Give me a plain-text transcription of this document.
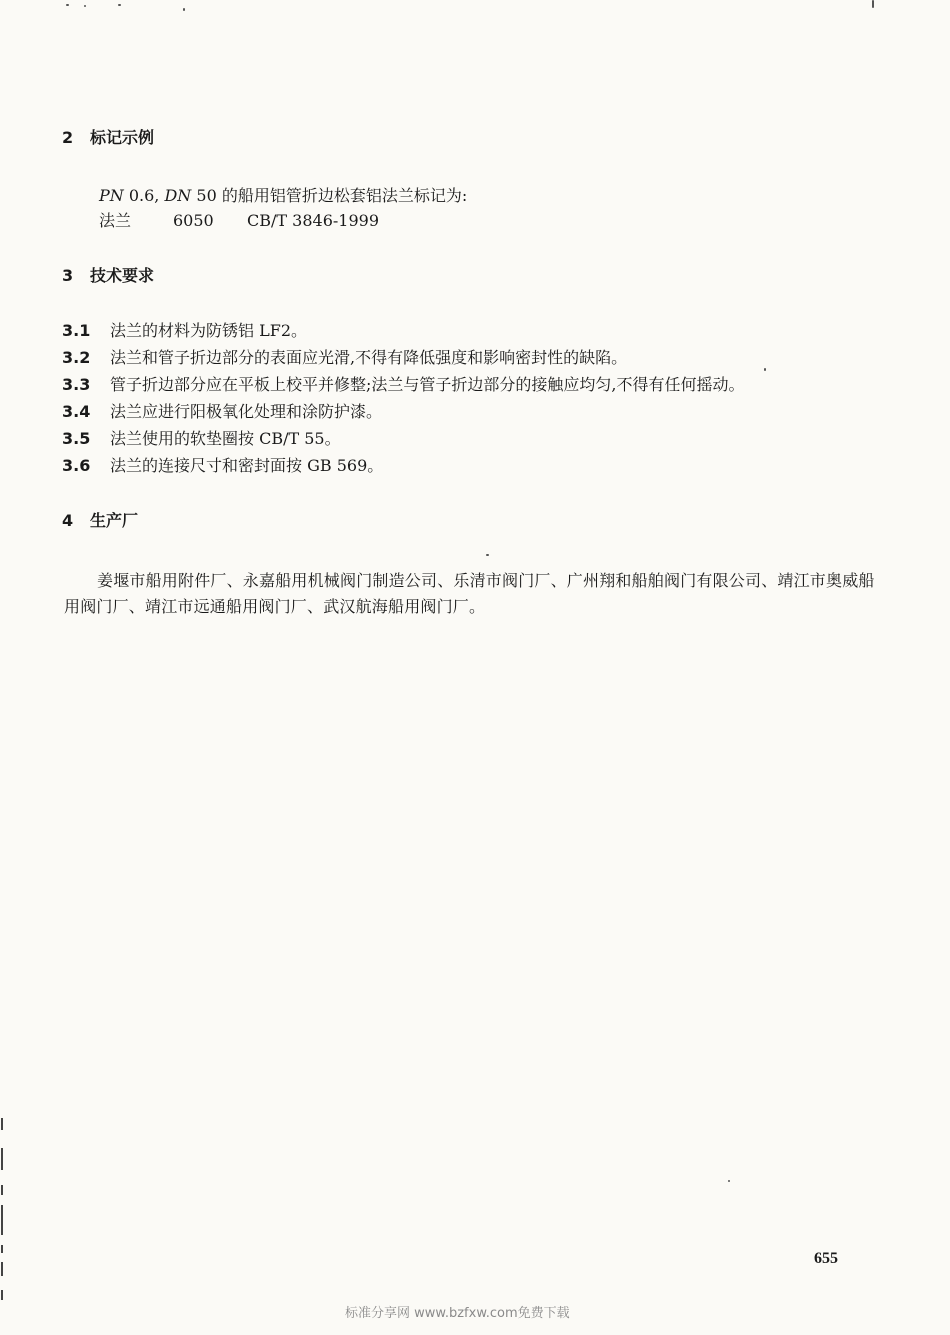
2 标记示例
PN 0.6, DN 50 的船用铝管折边松套铝法兰标记为:
法兰	6050 CB/T 3846-1999
3 技术要求
3.1 法兰的材料为防锈铝 LF2。
3.2 法兰和管子折边部分的表面应光滑,不得有降低强度和影响密封性的缺陷。
3.3 管子折边部分应在平板上校平并修整;法兰与管子折边部分的接触应均匀,不得有任何摇动。
3.4 法兰应进行阳极氧化处理和涂防护漆。
3.5 法兰使用的软垫圈按 CB/T 55。
3.6 法兰的连接尺寸和密封面按 GB 569。
4 生产厂
姜堰市船用附件厂、永嘉船用机械阀门制造公司、乐清市阀门厂、广州翔和船舶阀门有限公司、靖江市奥威船用阀门厂、靖江市远通船用阀门厂、武汉航海船用阀门厂。
655
标准分享网 www.bzfxw.com免费下载
